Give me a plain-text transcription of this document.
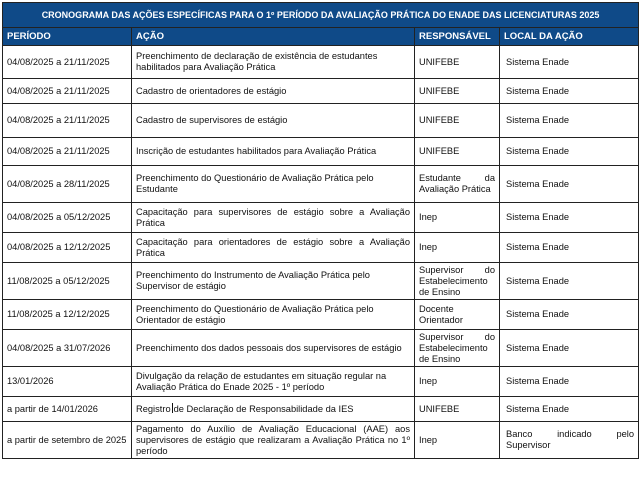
CRONOGRAMA DAS AÇÕES ESPECÍFICAS PARA O 1º PERÍODO DA AVALIAÇÃO PRÁTICA DO ENADE DAS LICENCIATURAS 2025			
PERÍODO	AÇÃO	RESPONSÁVEL	LOCAL DA AÇÃO
04/08/2025 a 21/11/2025	Preenchimento de declaração de existência de estudantes habilitados para Avaliação Prática	UNIFEBE	Sistema Enade
04/08/2025 a 21/11/2025	Cadastro de orientadores de estágio	UNIFEBE	Sistema Enade
04/08/2025 a 21/11/2025	Cadastro de supervisores de estágio	UNIFEBE	Sistema Enade
04/08/2025 a 21/11/2025	Inscrição de estudantes habilitados para Avaliação Prática	UNIFEBE	Sistema Enade
04/08/2025 a 28/11/2025	Preenchimento do Questionário de Avaliação Prática pelo Estudante	Estudante da Avaliação Prática	Sistema Enade
04/08/2025 a 05/12/2025	Capacitação para supervisores de estágio sobre a Avaliação Prática	Inep	Sistema Enade
04/08/2025 a 12/12/2025	Capacitação para orientadores de estágio sobre a Avaliação Prática	Inep	Sistema Enade
11/08/2025 a 05/12/2025	Preenchimento do Instrumento de Avaliação Prática pelo Supervisor de estágio	Supervisor do Estabelecimento de Ensino	Sistema Enade
11/08/2025 a 12/12/2025	Preenchimento do Questionário de Avaliação Prática pelo Orientador de estágio	Docente Orientador	Sistema Enade
04/08/2025 a 31/07/2026	Preenchimento dos dados pessoais dos supervisores de estágio	Supervisor do Estabelecimento de Ensino	Sistema Enade
13/01/2026	Divulgação da relação de estudantes em situação regular na Avaliação Prática do Enade 2025 - 1º período	Inep	Sistema Enade
a partir de 14/01/2026	Registro de Declaração de Responsabilidade da IES	UNIFEBE	Sistema Enade
a partir de setembro de 2025	Pagamento do Auxílio de Avaliação Educacional (AAE) aos supervisores de estágio que realizaram a Avaliação Prática no 1º período	Inep	Banco indicado pelo Supervisor
